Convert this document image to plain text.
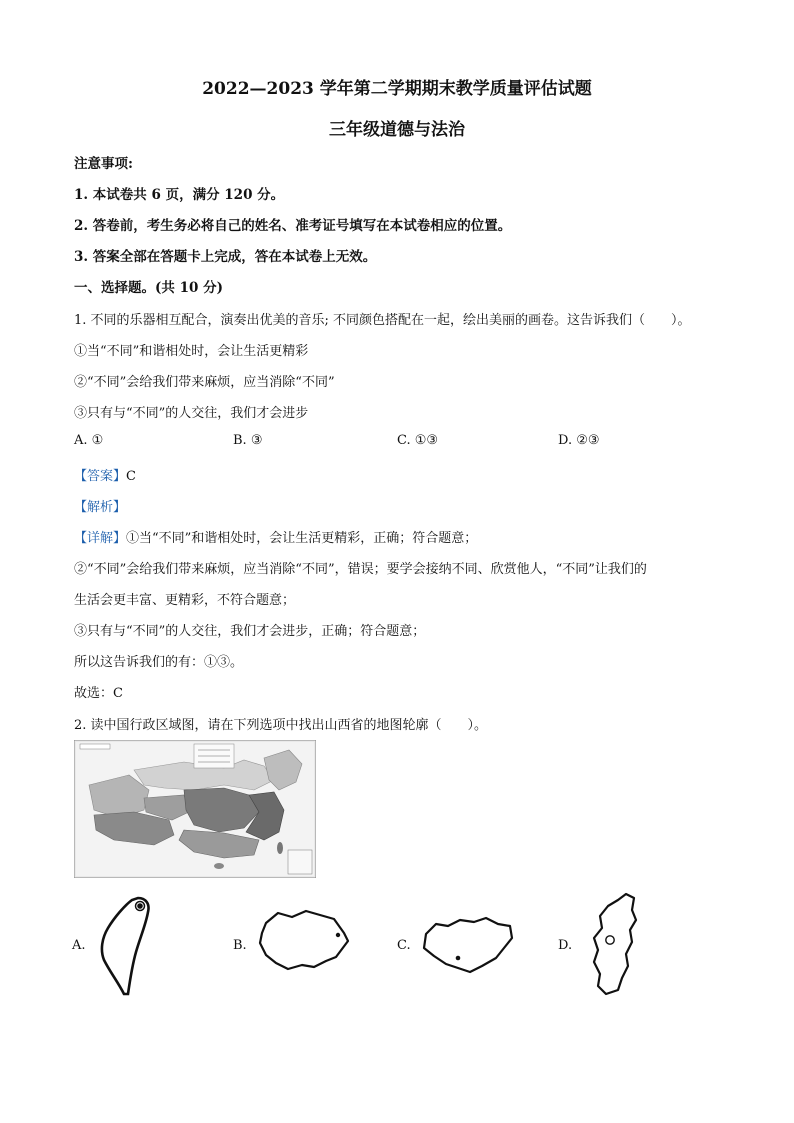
2022—2023 学年第二学期期末教学质量评估试题
三年级道德与法治
注意事项:
1. 本试卷共 6 页，满分 120 分。
2. 答卷前，考生务必将自己的姓名、准考证号填写在本试卷相应的位置。
3. 答案全部在答题卡上完成，答在本试卷上无效。
一、选择题。(共 10 分)
1. 不同的乐器相互配合，演奏出优美的音乐; 不同颜色搭配在一起，绘出美丽的画卷。这告诉我们（　　）。
①当“不同”和谐相处时，会让生活更精彩
②“不同”会给我们带来麻烦，应当消除“不同”
③只有与“不同”的人交往，我们才会进步
A. ①	B. ③	C. ①③	D. ②③
【答案】C
【解析】
【详解】①当“不同”和谐相处时，会让生活更精彩，正确；符合题意；
②“不同”会给我们带来麻烦，应当消除“不同”，错误；要学会接纳不同、欣赏他人，“不同”让我们的
生活会更丰富、更精彩，不符合题意；
③只有与“不同”的人交往，我们才会进步，正确；符合题意；
所以这告诉我们的有：①③。
故选：C
2. 读中国行政区域图，请在下列选项中找出山西省的地图轮廓（　　）。
A.	B.	C.	D.
